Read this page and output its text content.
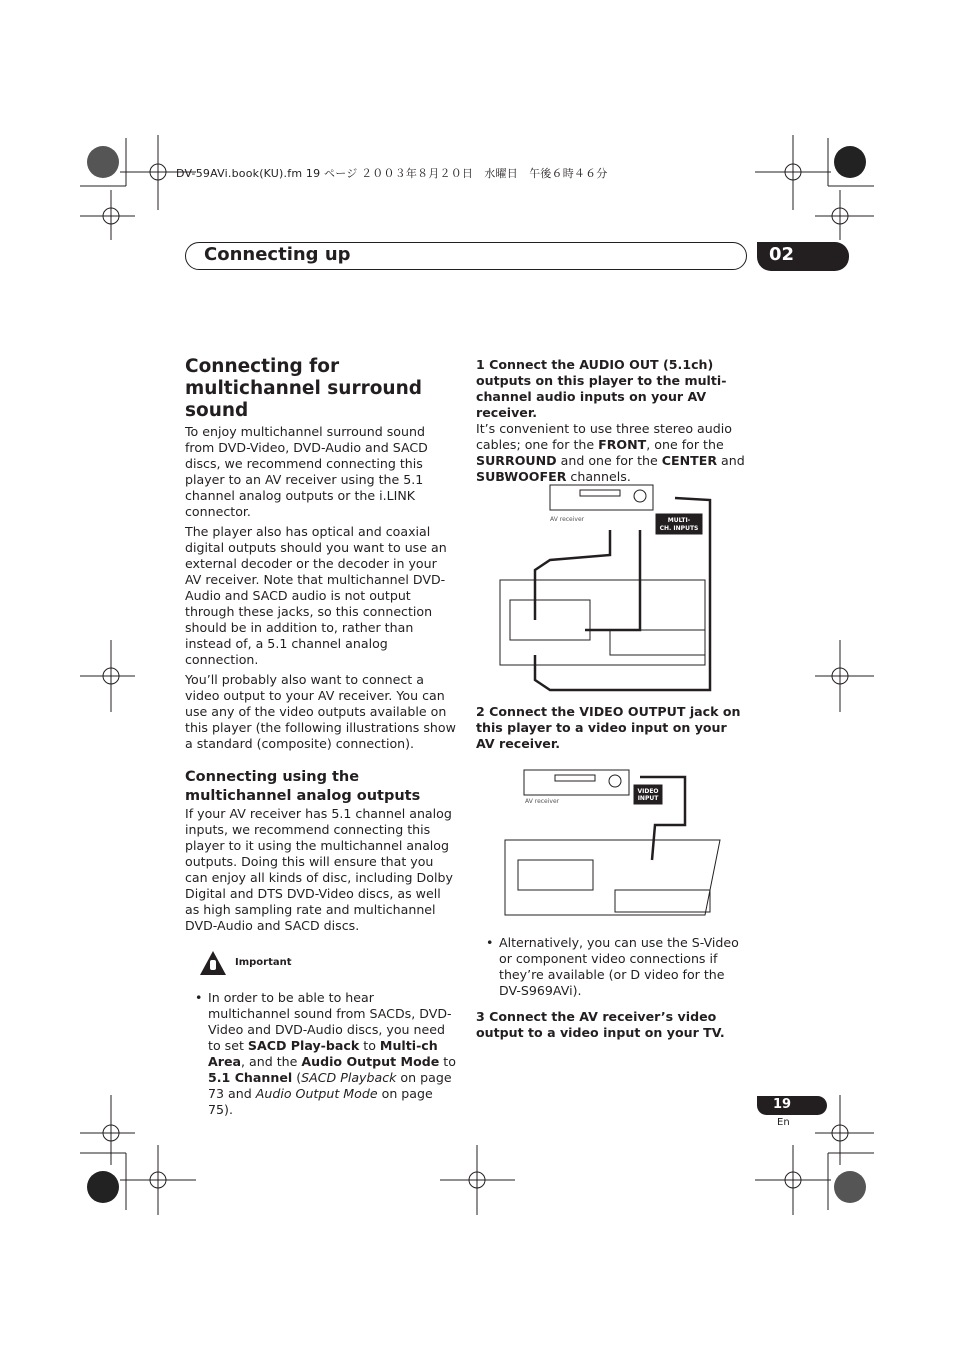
DV-59AVi.book(KU).fm 19 ページ ２００３年８月２０日　水曜日　午後６時４６分
Connecting up	02
Connecting for multichannel surround sound

To enjoy multichannel surround sound from DVD-Video, DVD-Audio and SACD discs, we recommend connecting this player to an AV receiver using the 5.1 channel analog outputs or the i.LINK connector.

The player also has optical and coaxial digital outputs should you want to use an external decoder or the decoder in your AV receiver. Note that multichannel DVD-Audio and SACD audio is not output through these jacks, so this connection should be in addition to, rather than instead of, a 5.1 channel analog connection.

You’ll probably also want to connect a video output to your AV receiver. You can use any of the video outputs available on this player (the following illustrations show a standard (composite) connection).

Connecting using the multichannel analog outputs

If your AV receiver has 5.1 channel analog inputs, we recommend connecting this player to it using the multichannel analog outputs. Doing this will ensure that you can enjoy all kinds of disc, including Dolby Digital and DTS DVD-Video discs, as well as high sampling rate and multichannel DVD-Audio and SACD discs.

Important
• In order to be able to hear multichannel sound from SACDs, DVD-Video and DVD-Audio discs, you need to set SACD Play-back to Multi-ch Area, and the Audio Output Mode to 5.1 Channel (SACD Playback on page 73 and Audio Output Mode on page 75).
1 Connect the AUDIO OUT (5.1ch) outputs on this player to the multi-channel audio inputs on your AV receiver.

It’s convenient to use three stereo audio cables; one for the FRONT, one for the SURROUND and one for the CENTER and SUBWOOFER channels.

AV receiver	MULTI-
CH. INPUTS
2 Connect the VIDEO OUTPUT jack on this player to a video input on your AV receiver.
AV receiver
VIDEO
INPUT
• Alternatively, you can use the S-Video or component video connections if they’re available (or D video for the DV-S969AVi).
3 Connect the AV receiver’s video output to a video input on your TV.
19
En
